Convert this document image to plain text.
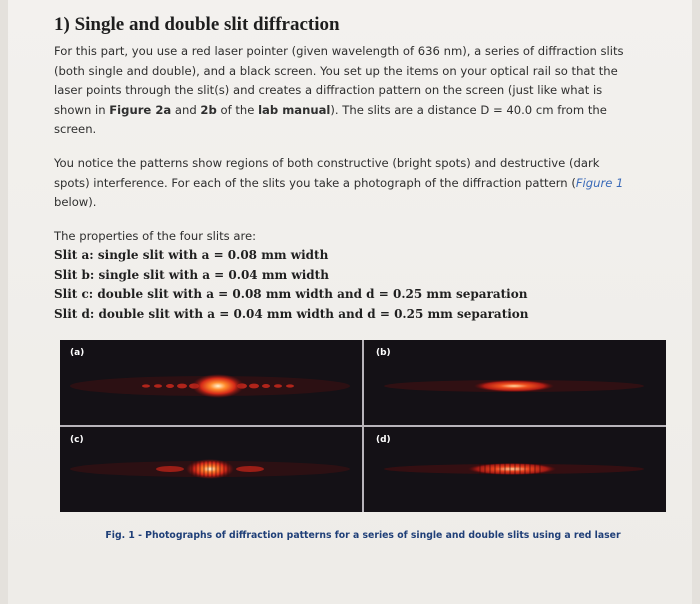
1) Single and double slit diffraction
For this part, you use a red laser pointer (given wavelength of 636 nm), a series of diffraction slits
(both single and double), and a black screen. You set up the items on your optical rail so that the
laser points through the slit(s) and creates a diffraction pattern on the screen (just like what is
shown in Figure 2a and 2b of the lab manual). The slits are a distance D = 40.0 cm from the
screen.
You notice the patterns show regions of both constructive (bright spots) and destructive (dark
spots) interference. For each of the slits you take a photograph of the diffraction pattern (Figure 1
below).
The properties of the four slits are:
Slit a: single slit with a = 0.08 mm width
Slit b: single slit with a = 0.04 mm width
Slit c: double slit with a = 0.08 mm width and d = 0.25 mm separation
Slit d: double slit with a = 0.04 mm width and d = 0.25 mm separation
(a)	(b)
(c)	(d)

Fig. 1 - Photographs of diffraction patterns for a series of single and double slits using a red laser
